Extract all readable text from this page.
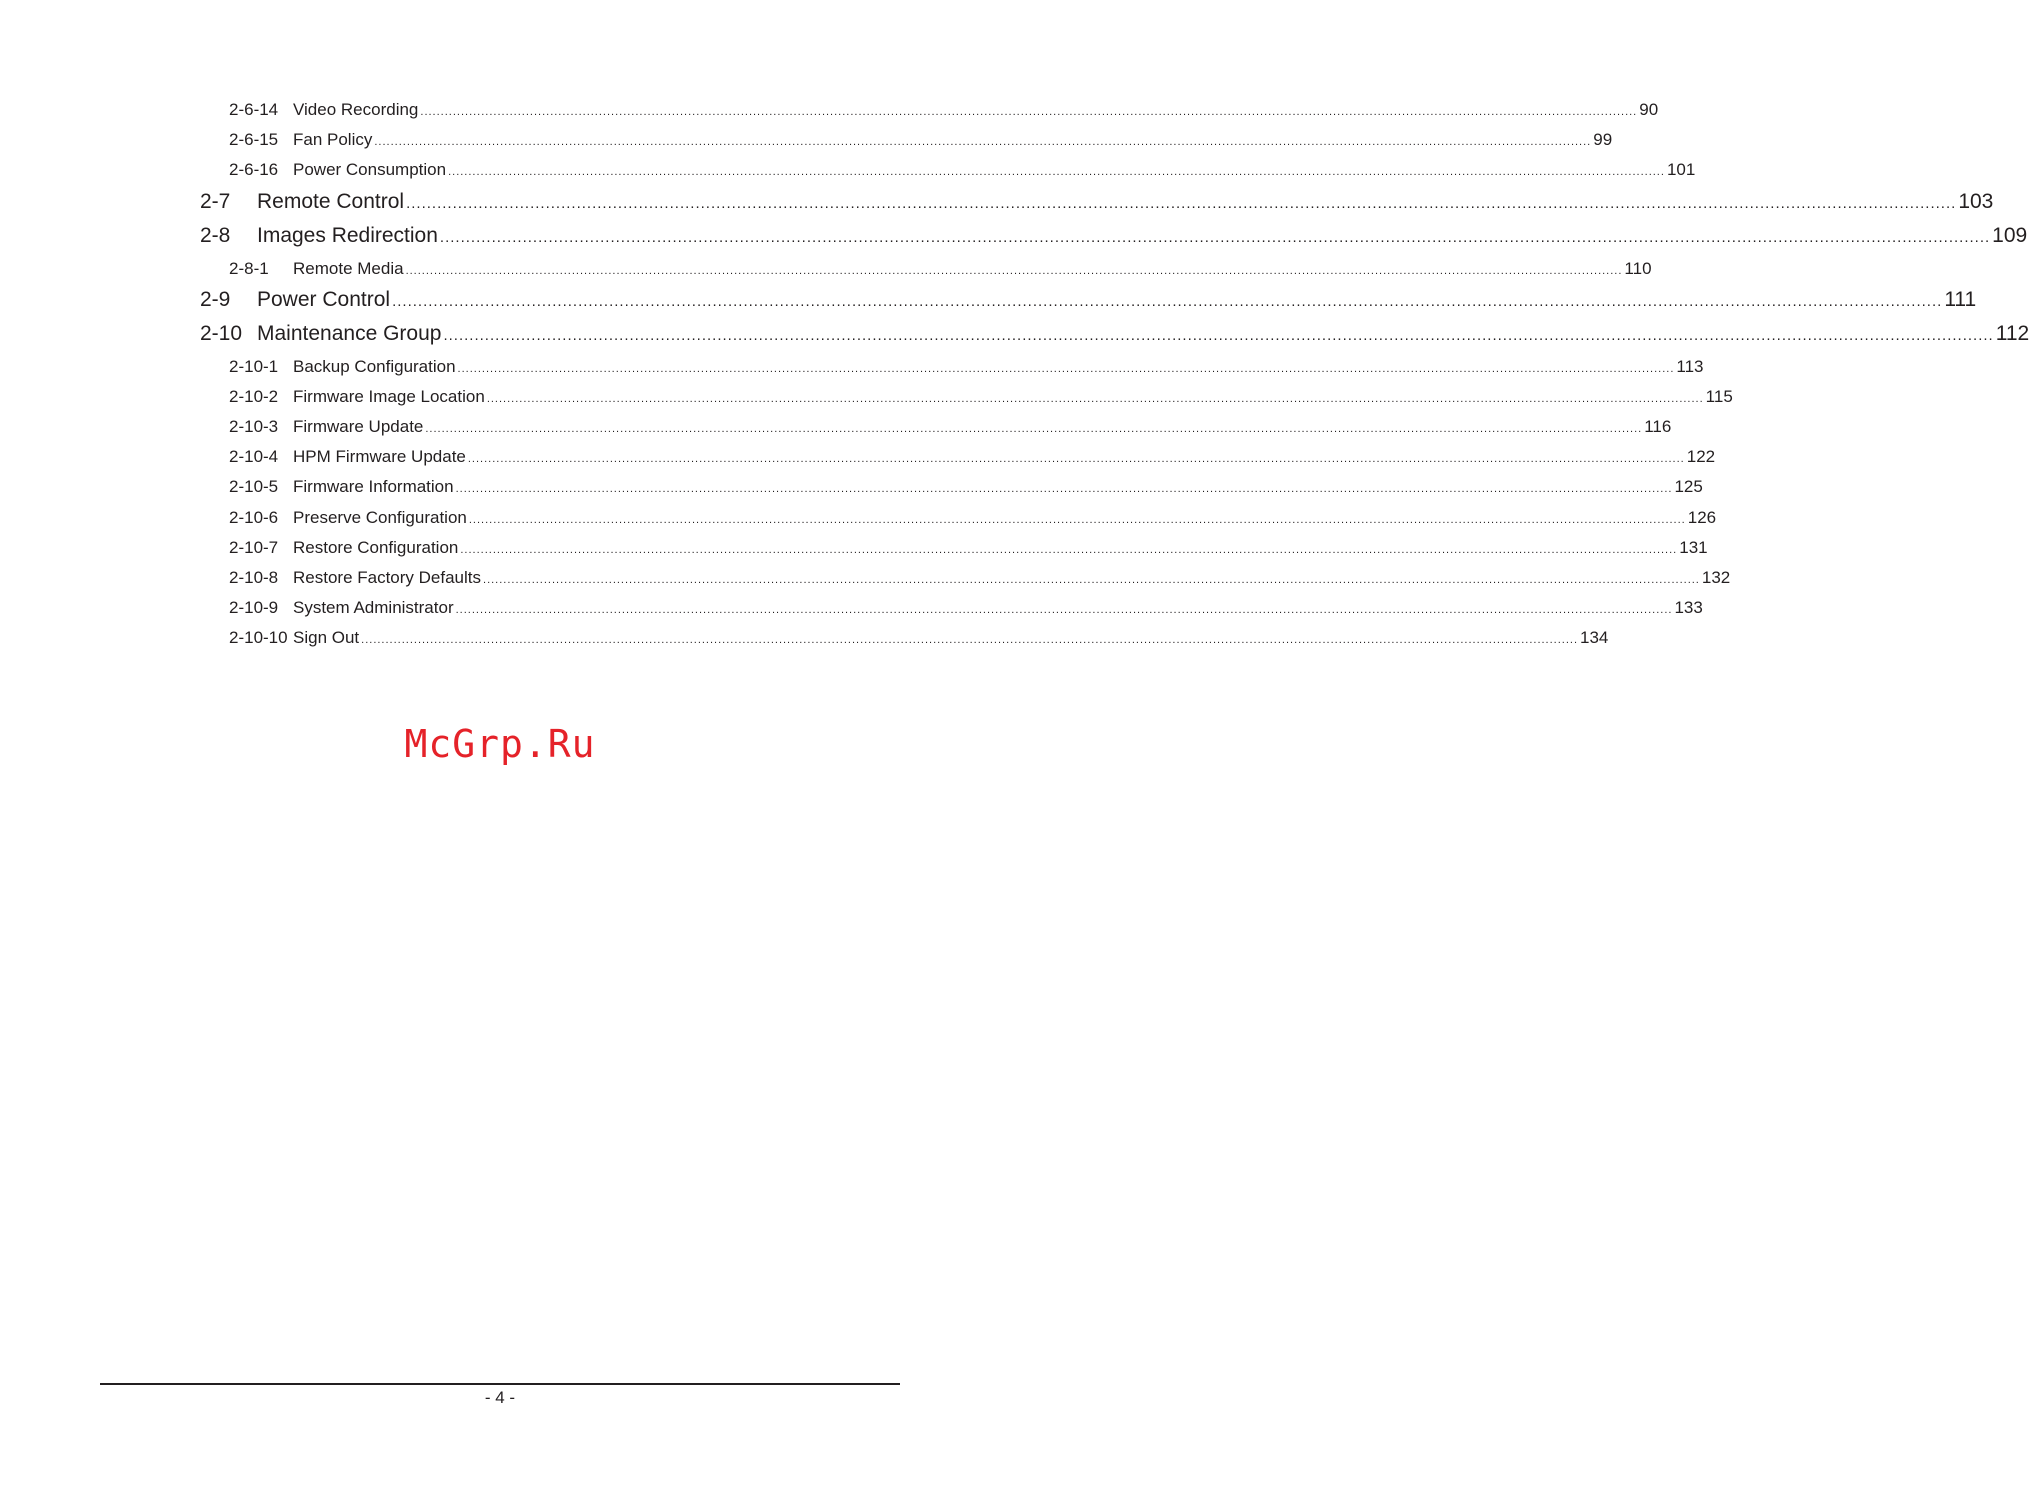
2-6-14 Video Recording ............................................................................................................................................................................................................................................................................................................ 90
2-6-15 Fan Policy ............................................................................................................................................................................................................................................................................................................ 99
2-6-16 Power Consumption ............................................................................................................................................................................................................................................................................................................ 101
2-7	Remote Control ............................................................................................................................................................................................................................................................................................................ 103
2-8	Images Redirection ............................................................................................................................................................................................................................................................................................................ 109
2-8-1	Remote Media ............................................................................................................................................................................................................................................................................................................ 110
2-9	Power Control ............................................................................................................................................................................................................................................................................................................ 111
2-10 Maintenance Group ............................................................................................................................................................................................................................................................................................................ 112
2-10-1 Backup Configuration ............................................................................................................................................................................................................................................................................................................ 113
2-10-2 Firmware Image Location ............................................................................................................................................................................................................................................................................................................ 115
2-10-3 Firmware Update ............................................................................................................................................................................................................................................................................................................ 116
2-10-4 HPM Firmware Update ............................................................................................................................................................................................................................................................................................................ 122
2-10-5 Firmware Information ............................................................................................................................................................................................................................................................................................................ 125
2-10-6 Preserve Configuration ............................................................................................................................................................................................................................................................................................................ 126
2-10-7 Restore Configuration ............................................................................................................................................................................................................................................................................................................ 131
2-10-8 Restore Factory Defaults ............................................................................................................................................................................................................................................................................................................ 132
2-10-9 System Administrator ............................................................................................................................................................................................................................................................................................................ 133
2-10-10 Sign Out ............................................................................................................................................................................................................................................................................................................ 134
McGrp.Ru
- 4 -
